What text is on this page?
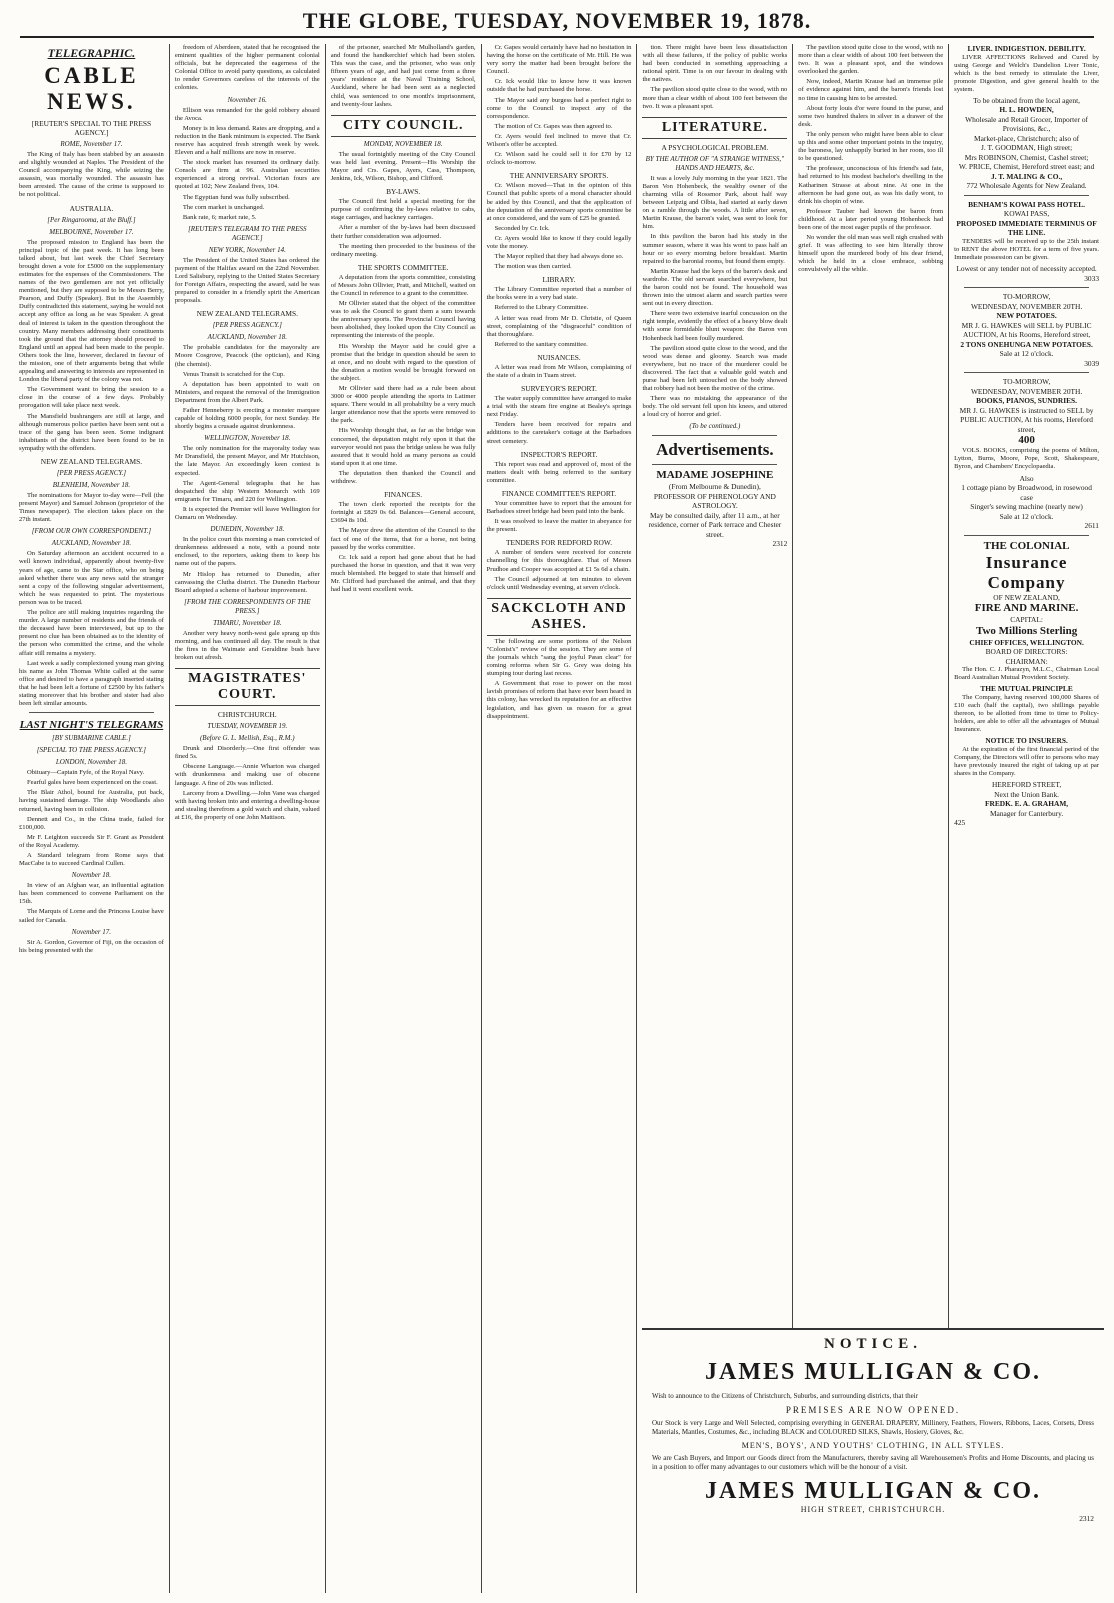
THE GLOBE, TUESDAY, NOVEMBER 19, 1878.
TELEGRAPHIC.
CABLE NEWS.
[REUTER'S SPECIAL TO THE PRESS AGENCY.]
ROME, November 17.

The King of Italy has been stabbed by an assassin and slightly wounded at Naples. The President of the Council accompanying the King, while seizing the assassin, was mortally wounded. The assassin has been arrested. The cause of the crime is supposed to be not political.

AUSTRALIA.
[Per Ringarooma, at the Bluff.]
MELBOURNE, November 17.

The proposed mission to England has been the principal topic of the past week. It has long been talked about, but last week the Chief Secretary brought down a vote for £5000 on the supplementary estimates for the expenses of the Commissioners. The names of the two gentlemen are not yet officially mentioned, but they are supposed to be Messrs Berry, Pearson, and Duffy (Speaker). But in the Assembly Duffy contradicted this statement, saying he would not accept any office as long as he was Speaker. A great deal of interest is taken in the question throughout the country. Many members addressing their constituents took the ground that the attorney should proceed to England until an appeal had been made to the people. Others took the line, however, declared in favour of the mission, one of their arguments being that while appealing and answering to interests are represented in London the liberal party of the colony was not.

The Government want to bring the session to a close in the course of a few days. Probably prorogation will take place next week.

The Mansfield bushrangers are still at large, and although numerous police parties have been sent out a trace of the gang has been seen. Some indignant inhabitants of the district have been found to be in sympathy with the offenders.

NEW ZEALAND TELEGRAMS.
[PER PRESS AGENCY.]
BLENHEIM, November 18.

The nominations for Mayor to-day were—Fell (the present Mayor) and Samuel Johnson (proprietor of the Times newspaper). The election takes place on the 27th instant.

[FROM OUR OWN CORRESPONDENT.]
AUCKLAND, November 18.

On Saturday afternoon an accident occurred to a well known individual, apparently about twenty-five years of age, came to the Star office, who on being asked whether there was any news said the stranger sent a copy of the following singular advertisement, which he was requested to print. The mysterious person was to be traced.

The police are still making inquiries regarding the murder. A large number of residents and the friends of the deceased have been interviewed, but up to the present no clue has been obtained as to the identity of the person who committed the crime, and the whole affair still remains a mystery.

Last week a sadly complexioned young man giving his name as John Thomas White called at the same office and desired to have a paragraph inserted stating that he had been left a fortune of £2500 by his father's stating moreover that his brother and sister had also been left similar amounts.

LAST NIGHT'S TELEGRAMS
[BY SUBMARINE CABLE.]
[SPECIAL TO THE PRESS AGENCY.]
LONDON, November 18.

Obituary—Captain Fyfe, of the Royal Navy.

Fearful gales have been experienced on the coast.

The Blair Athol, bound for Australia, put back, having sustained damage. The ship Woodlands also returned, having been in collision.

Dennett and Co., in the China trade, failed for £100,000.

Mr F. Leighton succeeds Sir F. Grant as President of the Royal Academy.

A Standard telegram from Rome says that MacCabe is to succeed Cardinal Cullen.

November 18.

In view of an Afghan war, an influential agitation has been commenced to convene Parliament on the 15th.

The Marquis of Lorne and the Princess Louise have sailed for Canada.

November 17.

Sir A. Gordon, Governor of Fiji, on the occasion of his being presented with the

freedom of Aberdeen, stated that he recognised the eminent qualities of the higher permanent colonial officials, but he deprecated the eagerness of the Colonial Office to avoid party questions, as calculated to render Governors careless of the interests of the colonies.

November 16.

Ellison was remanded for the gold robbery aboard the Avoca.

Money is in less demand. Rates are dropping, and a reduction in the Bank minimum is expected. The Bank reserve has acquired fresh strength week by week. Eleven and a half millions are now in reserve.

The stock market has resumed its ordinary daily. Consols are firm at 96. Australian securities experienced a strong revival. Victorian fours are quoted at 102; New Zealand fives, 104.

The Egyptian fund was fully subscribed.

The corn market is unchanged.

Bank rate, 6; market rate, 5.

[REUTER'S TELEGRAM TO THE PRESS AGENCY.]
NEW YORK, November 14.

The President of the United States has ordered the payment of the Halifax award on the 22nd November. Lord Salisbury, replying to the United States Secretary for Foreign Affairs, respecting the award, said he was prepared to consider in a friendly spirit the American proposals.

NEW ZEALAND TELEGRAMS.
[PER PRESS AGENCY.]
AUCKLAND, November 18.

The probable candidates for the mayoralty are Moore Cosgrove, Peacock (the optician), and King (the chemist).

Venus Transit is scratched for the Cup.

A deputation has been appointed to wait on Ministers, and request the removal of the Immigration Department from the Albert Park.

Father Henneberry is erecting a monster marquee capable of holding 6000 people, for next Sunday. He shortly begins a crusade against drunkenness.

WELLINGTON, November 18.

The only nomination for the mayoralty today was Mr Dransfield, the present Mayor, and Mr Hutchison, the late Mayor. An exceedingly keen contest is expected.

The Agent-General telegraphs that he has despatched the ship Western Monarch with 169 emigrants for Timaru, and 220 for Wellington.

It is expected the Premier will leave Wellington for Oamaru on Wednesday.

DUNEDIN, November 18.

In the police court this morning a man convicted of drunkenness addressed a note, with a pound note enclosed, to the reporters, asking them to keep his name out of the papers.

Mr Hislop has returned to Dunedin, after canvassing the Clutha district. The Dunedin Harbour Board adopted a scheme of harbour improvement.

[FROM THE CORRESPONDENTS OF THE PRESS.]
TIMARU, November 18.

Another very heavy north-west gale sprang up this morning, and has continued all day. The result is that the fires in the Waimate and Geraldine bush have broken out afresh.

MAGISTRATES' COURT.
CHRISTCHURCH.
TUESDAY, NOVEMBER 19.
(Before G. L. Mellish, Esq., R.M.)

Drunk and Disorderly.—One first offender was fined 5s.

Obscene Language.—Annie Wharton was charged with drunkenness and making use of obscene language. A fine of 20s was inflicted.

Larceny from a Dwelling.—John Vane was charged with having broken into and entering a dwelling-house and stealing therefrom a gold watch and chain, valued at £16, the property of one John Mattison.

of the prisoner, searched Mr Mulholland's garden, and found the handkerchief which had been stolen. This was the case, and the prisoner, who was only fifteen years of age, and had just come from a three years' residence at the Naval Training School, Auckland, where he had been sent as a neglected child, was sentenced to one month's imprisonment, and twenty-four lashes.

CITY COUNCIL.
MONDAY, NOVEMBER 18.

The usual fortnightly meeting of the City Council was held last evening. Present—His Worship the Mayor and Crs. Gapes, Ayers, Cass, Thompson, Jenkins, Ick, Wilson, Bishop, and Clifford.

BY-LAWS.

The Council first held a special meeting for the purpose of confirming the by-laws relative to cabs, stage carriages, and hackney carriages.

After a number of the by-laws had been discussed their further consideration was adjourned.

The meeting then proceeded to the business of the ordinary meeting.

THE SPORTS COMMITTEE.

A deputation from the sports committee, consisting of Messrs John Ollivier, Pratt, and Mitchell, waited on the Council in reference to a grant to the committee.

Mr Ollivier stated that the object of the committee was to ask the Council to grant them a sum towards the anniversary sports. The Provincial Council having been abolished, they looked upon the City Council as representing the interests of the people.

His Worship the Mayor said he could give a promise that the bridge in question should be seen to at once, and no doubt with regard to the question of the donation a motion would be brought forward on the subject.

Mr Ollivier said there had as a rule been about 3000 or 4000 people attending the sports in Latimer square. There would in all probability be a very much larger attendance now that the sports were removed to the park.

His Worship thought that, as far as the bridge was concerned, the deputation might rely upon it that the surveyor would not pass the bridge unless he was fully assured that it would hold as many persons as could stand upon it at one time.

The deputation then thanked the Council and withdrew.

FINANCES.

The town clerk reported the receipts for the fortnight at £829 0s 6d. Balances—General account, £3694 8s 10d.

The Mayor drew the attention of the Council to the fact of one of the items, that for a horse, not being passed by the works committee.

Cr. Ick said a report had gone about that he had purchased the horse in question, and that it was very much blemished. He begged to state that himself and Mr. Clifford had purchased the animal, and that they had had it went excellent work.

Cr. Gapes would certainly have had no hesitation in having the horse on the certificate of Mr. Hill. He was very sorry the matter had been brought before the Council.

Cr. Ick would like to know how it was known outside that he had purchased the horse.

The Mayor said any burgess had a perfect right to come to the Council to inspect any of the correspondence.

The motion of Cr. Gapes was then agreed to.

Cr. Ayers would feel inclined to move that Cr. Wilson's offer be accepted.

Cr. Wilson said he could sell it for £70 by 12 o'clock to-morrow.

THE ANNIVERSARY SPORTS.

Cr. Wilson moved—That in the opinion of this Council that public sports of a moral character should be aided by this Council, and that the application of the deputation of the anniversary sports committee be at once considered, and the sum of £25 be granted.

Seconded by Cr. Ick.

Cr. Ayers would like to know if they could legally vote the money.

The Mayor replied that they had always done so.

The motion was then carried.

LIBRARY.

The Library Committee reported that a number of the books were in a very bad state.

Referred to the Library Committee.

A letter was read from Mr D. Christie, of Queen street, complaining of the "disgraceful" condition of that thoroughfare.

Referred to the sanitary committee.

NUISANCES.

A letter was read from Mr Wilson, complaining of the state of a drain in Tuam street.

SURVEYOR'S REPORT.

The water supply committee have arranged to make a trial with the steam fire engine at Bealey's springs next Friday.

Tenders have been received for repairs and additions to the caretaker's cottage at the Barbadoes street cemetery.

INSPECTOR'S REPORT.

This report was read and approved of, most of the matters dealt with being referred to the sanitary committee.

FINANCE COMMITTEE'S REPORT.

Your committee have to report that the amount for Barbadoes street bridge had been paid into the bank.

It was resolved to leave the matter in abeyance for the present.

TENDERS FOR REDFORD ROW.

A number of tenders were received for concrete channelling for this thoroughfare. That of Messrs Prudhoe and Cooper was accepted at £1 5s 6d a chain.

The Council adjourned at ten minutes to eleven o'clock until Wednesday evening, at seven o'clock.

SACKCLOTH AND ASHES.

The following are some portions of the Nelson "Colonist's" review of the session. They are some of the journals which "sang the joyful Pæan clear" for coming reforms when Sir G. Grey was doing his stumping tour during last recess.

A Government that rose to power on the most lavish promises of reform that have ever been heard in this colony, has wrecked its reputation for an effective legislation, and has given us reason for a great disappointment.

tion. There might have been less dissatisfaction with all these failures, if the policy of public works had been conducted in something approaching a rational spirit. Time is on our favour in dealing with the natives.

The pavilion stood quite close to the wood, with no more than a clear width of about 100 feet between the two. It was a pleasant spot.

LITERATURE.
A PSYCHOLOGICAL PROBLEM.
BY THE AUTHOR OF "A STRANGE WITNESS," HANDS AND HEARTS, &c.

It was a lovely July morning in the year 1821. The Baron Von Hohenbeck, the wealthy owner of the charming villa of Rossmor Park, about half way between Leipzig and Olbia, had started at early dawn on a ramble through the woods. A little after seven, Martin Krause, the baron's valet, was sent to look for him.

In this pavilion the baron had his study in the summer season, where it was his wont to pass half an hour or so every morning before breakfast. Martin repaired to the baronial rooms, but found them empty.

Martin Krause had the keys of the baron's desk and wardrobe. The old servant searched everywhere, but the baron could not be found. The household was thrown into the utmost alarm and search parties were sent out in every direction.

There were two extensive tearful concussion on the right temple, evidently the effect of a heavy blow dealt with some formidable blunt weapon: the Baron von Hohenbeck had been foully murdered.

The pavilion stood quite close to the wood, and the wood was dense and gloomy. Search was made everywhere, but no trace of the murderer could be discovered. The fact that a valuable gold watch and purse had been left untouched on the body showed that robbery had not been the motive of the crime.

There was no mistaking the appearance of the body. The old servant fell upon his knees, and uttered a loud cry of horror and grief.

(To be continued.)
Advertisements.
MADAME JOSEPHINE
(From Melbourne & Dunedin),
PROFESSOR OF PHRENOLOGY AND ASTROLOGY.
May be consulted daily, after 11 a.m., at her residence, corner of Park terrace and Chester street.
2312

The pavilion stood quite close to the wood, with no more than a clear width of about 100 feet between the two. It was a pleasant spot, and the windows overlooked the garden.

Now, indeed, Martin Krause had an immense pile of evidence against him, and the baron's friends lost no time in causing him to be arrested.

About forty louis d'or were found in the purse, and some two hundred thalers in silver in a drawer of the desk.

The only person who might have been able to clear up this and some other important points in the inquiry, the baroness, lay unhappily buried in her room, too ill to be questioned.

The professor, unconscious of his friend's sad fate, had returned to his modest bachelor's dwelling in the Katharinen Strasse at about nine. At one in the afternoon he had gone out, as was his daily wont, to drink his chopin of wine.

Professor Tauber had known the baron from childhood. At a later period young Hohenbeck had been one of the most eager pupils of the professor.

No wonder the old man was well nigh crushed with grief. It was affecting to see him literally throw himself upon the murdered body of his dear friend, which he held in a close embrace, sobbing convulsively all the while.

LIVER. INDIGESTION. DEBILITY.

LIVER AFFECTIONS Relieved and Cured by using George and Welch's Dandelion Liver Tonic, which is the best remedy to stimulate the Liver, promote Digestion, and give general health to the system.

To be obtained from the local agent,
H. L. HOWDEN,
Wholesale and Retail Grocer, Importer of Provisions, &c.,
Market-place, Christchurch; also of
J. T. GOODMAN, High street;
Mrs ROBINSON, Chemist, Cashel street;
W. PRICE, Chemist, Hereford street east; and
J. T. MALING & CO.,
772 Wholesale Agents for New Zealand.
BENHAM'S KOWAI PASS HOTEL.
KOWAI PASS,
PROPOSED IMMEDIATE TERMINUS OF THE LINE.

TENDERS will be received up to the 25th instant to RENT the above HOTEL for a term of five years. Immediate possession can be given.

Lowest or any tender not of necessity accepted.
3033
TO-MORROW,
WEDNESDAY, NOVEMBER 20TH.
NEW POTATOES.
MR J. G. HAWKES will SELL by PUBLIC AUCTION, At his Rooms, Hereford street,
2 TONS ONEHUNGA NEW POTATOES.
Sale at 12 o'clock.
3039
TO-MORROW,
WEDNESDAY, NOVEMBER 20TH.
BOOKS, PIANOS, SUNDRIES.
MR J. G. HAWKES is instructed to SELL by PUBLIC AUCTION, At his rooms, Hereford street,
400

VOLS. BOOKS, comprising the poems of Milton, Lytton, Burns, Moore, Pope, Scott, Shakespeare, Byron, and Chambers' Encyclopaedia.

Also
1 cottage piano by Broadwood, in rosewood case
Singer's sewing machine (nearly new)
Sale at 12 o'clock.
2611
THE COLONIAL
Insurance Company
OF NEW ZEALAND,
FIRE AND MARINE.
CAPITAL:
Two Millions Sterling
CHIEF OFFICES, WELLINGTON.
BOARD OF DIRECTORS:
CHAIRMAN:

The Hon. C. J. Pharazyn, M.L.C., Chairman Local Board Australian Mutual Provident Society.

THE MUTUAL PRINCIPLE

The Company, having reserved 100,000 Shares of £10 each (half the capital), two shillings payable thereon, to be allotted from time to time to Policy-holders, are able to offer all the advantages of Mutual Insurance.

NOTICE TO INSURERS.

At the expiration of the first financial period of the Company, the Directors will offer to persons who may have previously insured the right of taking up at par shares in the Company.

HEREFORD STREET,
Next the Union Bank.
FREDK. E. A. GRAHAM,
Manager for Canterbury.
425
NOTICE.
JAMES MULLIGAN & CO.
Wish to announce to the Citizens of Christchurch, Suburbs, and surrounding districts, that their
PREMISES ARE NOW OPENED.
Our Stock is very Large and Well Selected, comprising everything in GENERAL DRAPERY, Millinery, Feathers, Flowers, Ribbons, Laces, Corsets, Dress Materials, Mantles, Costumes, &c., including BLACK and COLOURED SILKS, Shawls, Hosiery, Gloves, &c.
MEN'S, BOYS', AND YOUTHS' CLOTHING, IN ALL STYLES.
We are Cash Buyers, and Import our Goods direct from the Manufacturers, thereby saving all Warehousemen's Profits and Home Discounts, and placing us in a position to offer many advantages to our customers which will be the honour of a visit.
JAMES MULLIGAN & CO.
HIGH STREET, CHRISTCHURCH.
2312
